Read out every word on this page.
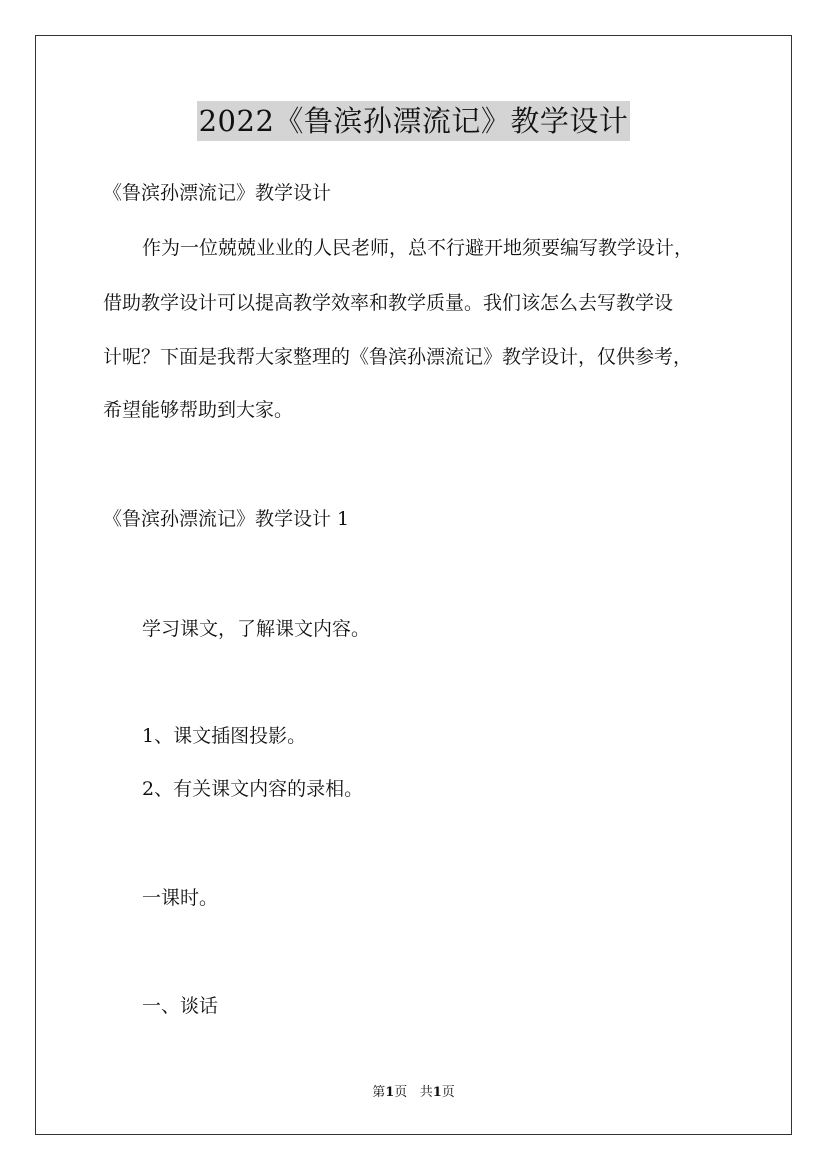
2022《鲁滨孙漂流记》教学设计
《鲁滨孙漂流记》教学设计
作为一位兢兢业业的人民老师，总不行避开地须要编写教学设计，
借助教学设计可以提高教学效率和教学质量。我们该怎么去写教学设
计呢？下面是我帮大家整理的《鲁滨孙漂流记》教学设计，仅供参考，
希望能够帮助到大家。
《鲁滨孙漂流记》教学设计 1
学习课文，了解课文内容。
1、课文插图投影。
2、有关课文内容的录相。
一课时。
一、谈话
第1页   共1页
